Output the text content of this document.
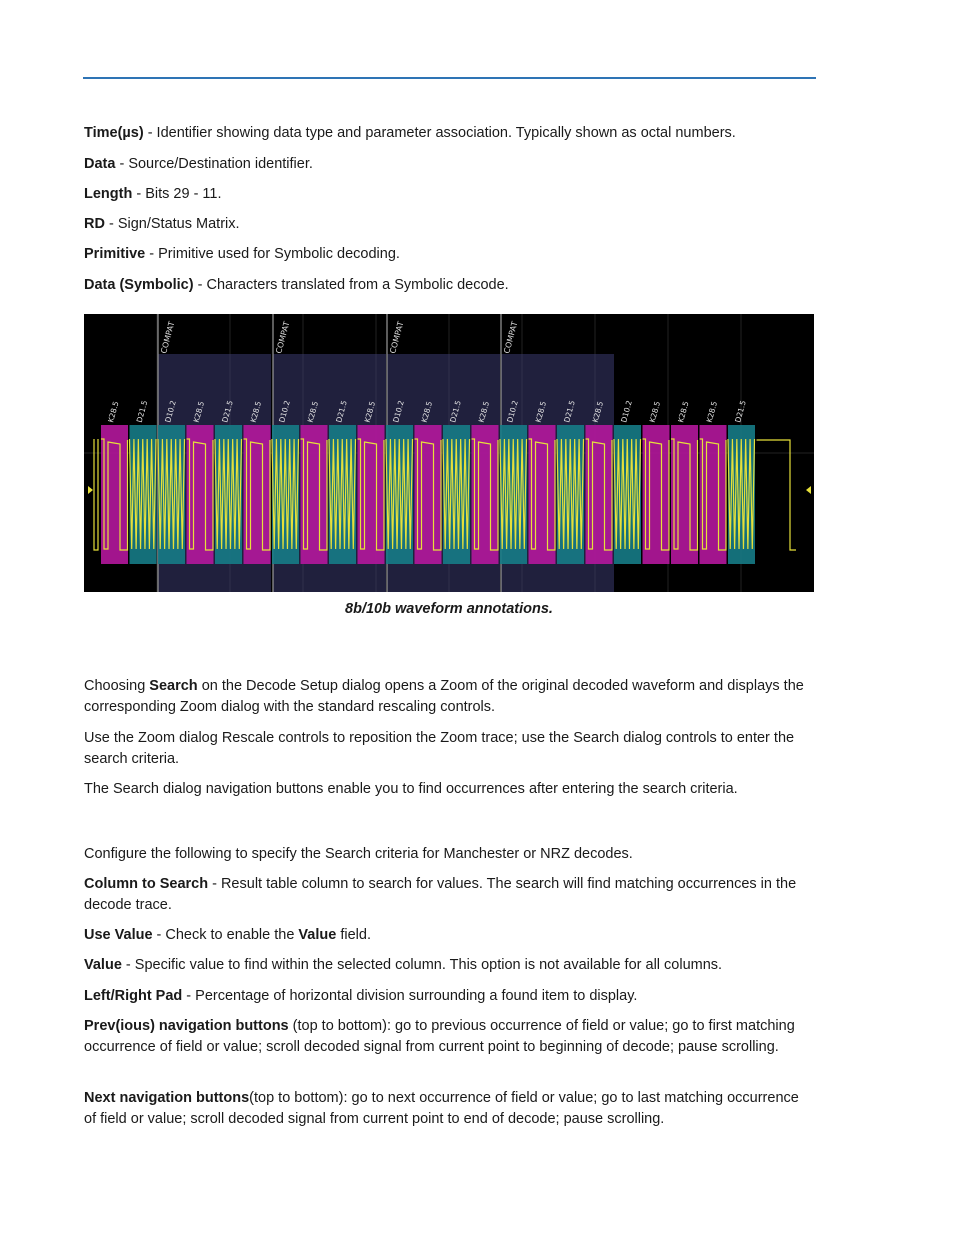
Time(µs) - Identifier showing data type and parameter association. Typically shown as octal numbers.

Data - Source/Destination identifier.

Length - Bits 29 - 11.

RD - Sign/Status Matrix.

Primitive - Primitive used for Symbolic decoding.

Data (Symbolic) - Characters translated from a Symbolic decode.

COMPAT	COMPAT	COMPAT	COMPAT
K28.5 D21.5 D10.2 K28.5 D21.5 K28.5 D10.2 K28.5 D21.5 K28.5 D10.2 K28.5 D21.5 K28.5 D10.2 K28.5 D21.5 K28.5 D10.2 K28.5 K28.5 K28.5 D21.5
8b/10b waveform annotations.

Choosing Search on the Decode Setup dialog opens a Zoom of the original decoded waveform and displays the corresponding Zoom dialog with the standard rescaling controls.

Use the Zoom dialog Rescale controls to reposition the Zoom trace; use the Search dialog controls to enter the search criteria.

The Search dialog navigation buttons enable you to find occurrences after entering the search criteria.

Configure the following to specify the Search criteria for Manchester or NRZ decodes.

Column to Search - Result table column to search for values. The search will find matching occurrences in the decode trace.

Use Value - Check to enable the Value field.

Value - Specific value to find within the selected column. This option is not available for all columns.

Left/Right Pad - Percentage of horizontal division surrounding a found item to display.

Prev(ious) navigation buttons (top to bottom): go to previous occurrence of field or value; go to first matching occurrence of field or value; scroll decoded signal from current point to beginning of decode; pause scrolling.

Next navigation buttons(top to bottom): go to next occurrence of field or value; go to last matching occurrence of field or value; scroll decoded signal from current point to end of decode; pause scrolling.
